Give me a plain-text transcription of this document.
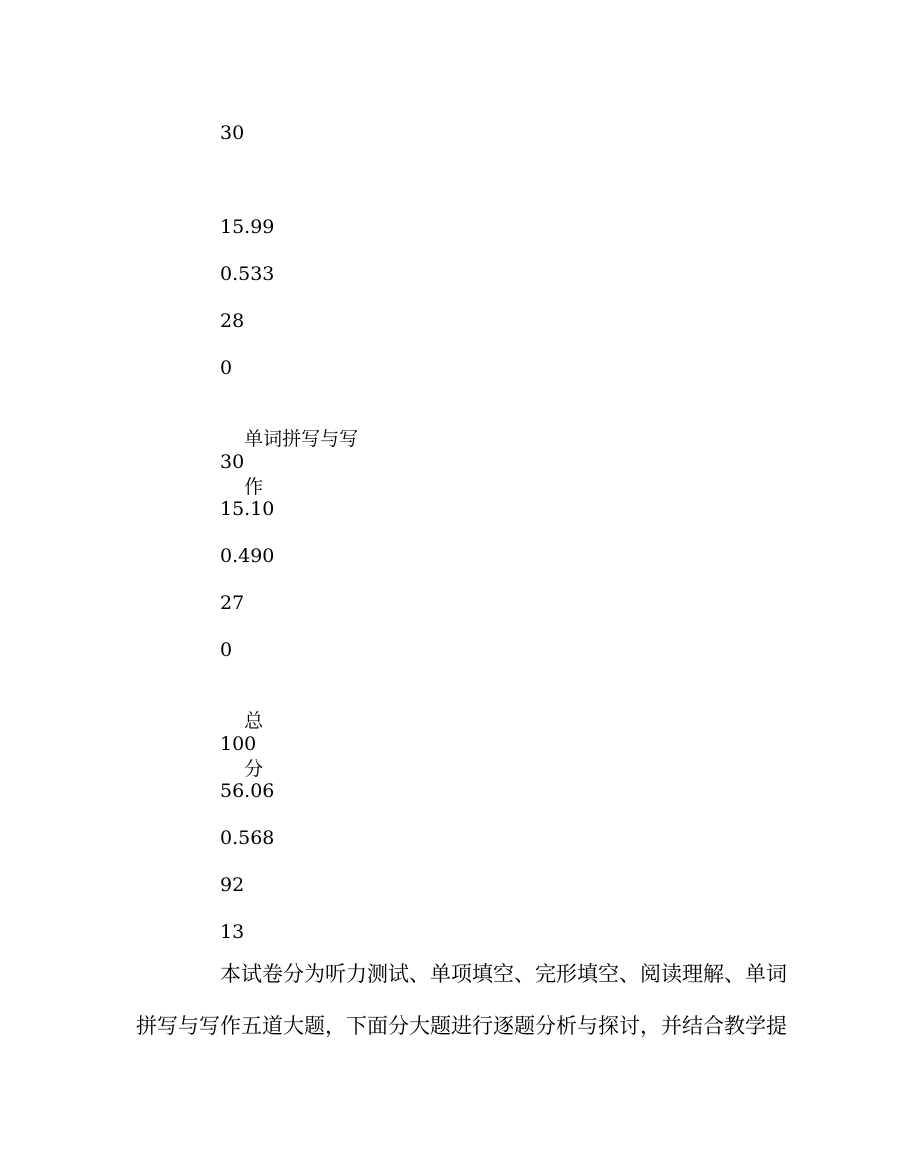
30
15.99
0.533
28
0

单词拼写与写

作

30
15.10
0.490
27
0

总

分

100
56.06
0.568
92
13
本试卷分为听力测试、单项填空、完形填空、阅读理解、单词
拼写与写作五道大题，下面分大题进行逐题分析与探讨，并结合教学提
